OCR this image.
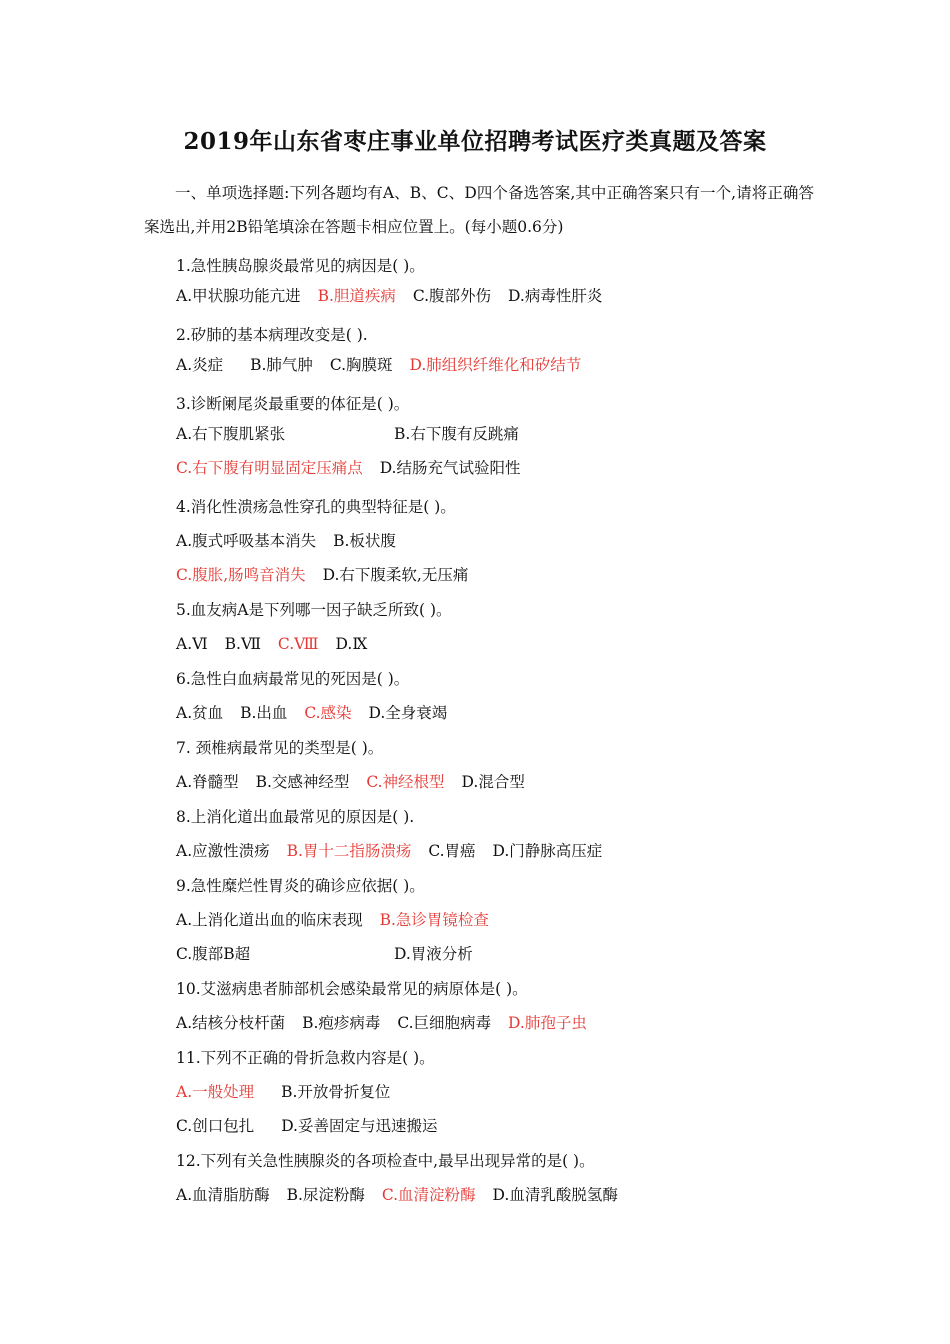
2019年山东省枣庄事业单位招聘考试医疗类真题及答案
一、单项选择题:下列各题均有A、B、C、D四个备选答案,其中正确答案只有一个,请将正确答案选出,并用2B铅笔填涂在答题卡相应位置上。(每小题0.6分)
1.急性胰岛腺炎最常见的病因是( )。
A.甲状腺功能亢进 B.胆道疾病 C.腹部外伤 D.病毒性肝炎
2.矽肺的基本病理改变是( ).
A.炎症 B.肺气肿 C.胸膜斑 D.肺组织纤维化和矽结节
3.诊断阑尾炎最重要的体征是( )。
A.右下腹肌紧张	B.右下腹有反跳痛
C.右下腹有明显固定压痛点 D.结肠充气试验阳性
4.消化性溃疡急性穿孔的典型特征是( )。
A.腹式呼吸基本消失 B.板状腹
C.腹胀,肠鸣音消失 D.右下腹柔软,无压痛
5.血友病A是下列哪一因子缺乏所致( )。
A.Ⅵ B.Ⅶ C.Ⅷ D.Ⅸ
6.急性白血病最常见的死因是( )。
A.贫血 B.出血 C.感染 D.全身衰竭
7. 颈椎病最常见的类型是( )。
A.脊髓型 B.交感神经型 C.神经根型 D.混合型
8.上消化道出血最常见的原因是( ).
A.应激性溃疡 B.胃十二指肠溃疡 C.胃癌 D.门静脉高压症
9.急性糜烂性胃炎的确诊应依据( )。
A.上消化道出血的临床表现 B.急诊胃镜检查
C.腹部B超	D.胃液分析
10.艾滋病患者肺部机会感染最常见的病原体是( )。
A.结核分枝杆菌 B.疱疹病毒 C.巨细胞病毒 D.肺孢子虫
11.下列不正确的骨折急救内容是( )。
A.一般处理 B.开放骨折复位
C.创口包扎 D.妥善固定与迅速搬运
12.下列有关急性胰腺炎的各项检查中,最早出现异常的是( )。
A.血清脂肪酶 B.尿淀粉酶 C.血清淀粉酶 D.血清乳酸脱氢酶
